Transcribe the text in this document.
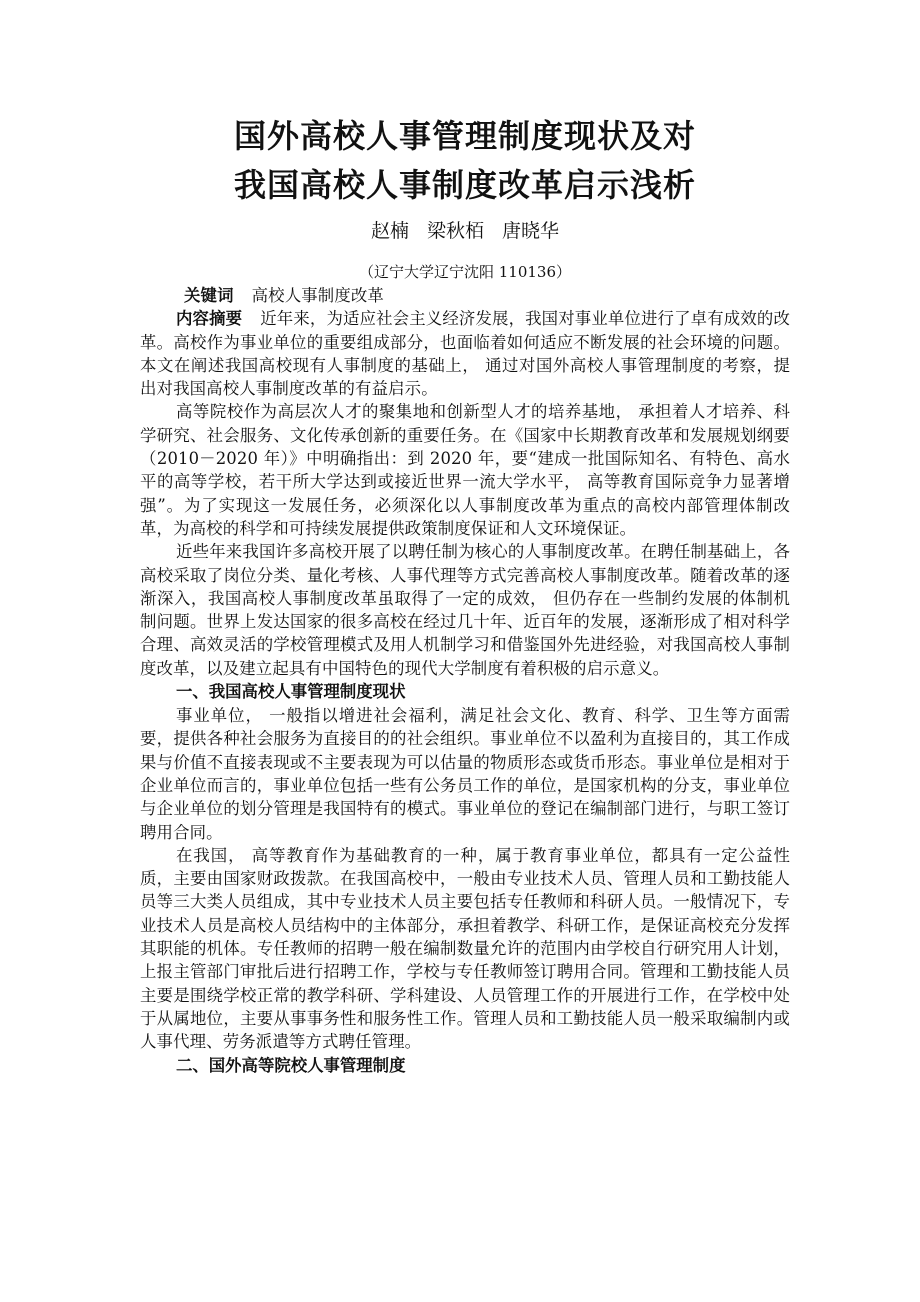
国外高校人事管理制度现状及对
我国高校人事制度改革启示浅析

赵楠 梁秋栢 唐晓华

（辽宁大学辽宁沈阳 110136）

关键词 高校人事制度改革

内容摘要 近年来，为适应社会主义经济发展，我国对事业单位进行了卓有成效的改革。高校作为事业单位的重要组成部分，也面临着如何适应不断发展的社会环境的问题。本文在阐述我国高校现有人事制度的基础上， 通过对国外高校人事管理制度的考察，提出对我国高校人事制度改革的有益启示。

高等院校作为高层次人才的聚集地和创新型人才的培养基地， 承担着人才培养、科学研究、社会服务、文化传承创新的重要任务。在《国家中长期教育改革和发展规划纲要（2010－2020 年）》中明确指出：到 2020 年，要“建成一批国际知名、有特色、高水平的高等学校，若干所大学达到或接近世界一流大学水平， 高等教育国际竞争力显著增强”。为了实现这一发展任务，必须深化以人事制度改革为重点的高校内部管理体制改革，为高校的科学和可持续发展提供政策制度保证和人文环境保证。

近些年来我国许多高校开展了以聘任制为核心的人事制度改革。在聘任制基础上，各高校采取了岗位分类、量化考核、人事代理等方式完善高校人事制度改革。随着改革的逐渐深入，我国高校人事制度改革虽取得了一定的成效， 但仍存在一些制约发展的体制机制问题。世界上发达国家的很多高校在经过几十年、近百年的发展，逐渐形成了相对科学合理、高效灵活的学校管理模式及用人机制学习和借鉴国外先进经验，对我国高校人事制度改革，以及建立起具有中国特色的现代大学制度有着积极的启示意义。

一、我国高校人事管理制度现状

事业单位， 一般指以增进社会福利，满足社会文化、教育、科学、卫生等方面需要，提供各种社会服务为直接目的的社会组织。事业单位不以盈利为直接目的，其工作成果与价值不直接表现或不主要表现为可以估量的物质形态或货币形态。事业单位是相对于企业单位而言的，事业单位包括一些有公务员工作的单位，是国家机构的分支，事业单位与企业单位的划分管理是我国特有的模式。事业单位的登记在编制部门进行，与职工签订聘用合同。

在我国， 高等教育作为基础教育的一种，属于教育事业单位，都具有一定公益性质，主要由国家财政拨款。在我国高校中，一般由专业技术人员、管理人员和工勤技能人员等三大类人员组成，其中专业技术人员主要包括专任教师和科研人员。一般情况下，专业技术人员是高校人员结构中的主体部分，承担着教学、科研工作，是保证高校充分发挥其职能的机体。专任教师的招聘一般在编制数量允许的范围内由学校自行研究用人计划， 上报主管部门审批后进行招聘工作，学校与专任教师签订聘用合同。管理和工勤技能人员主要是围绕学校正常的教学科研、学科建设、人员管理工作的开展进行工作，在学校中处于从属地位，主要从事事务性和服务性工作。管理人员和工勤技能人员一般采取编制内或人事代理、劳务派遣等方式聘任管理。

二、国外高等院校人事管理制度
